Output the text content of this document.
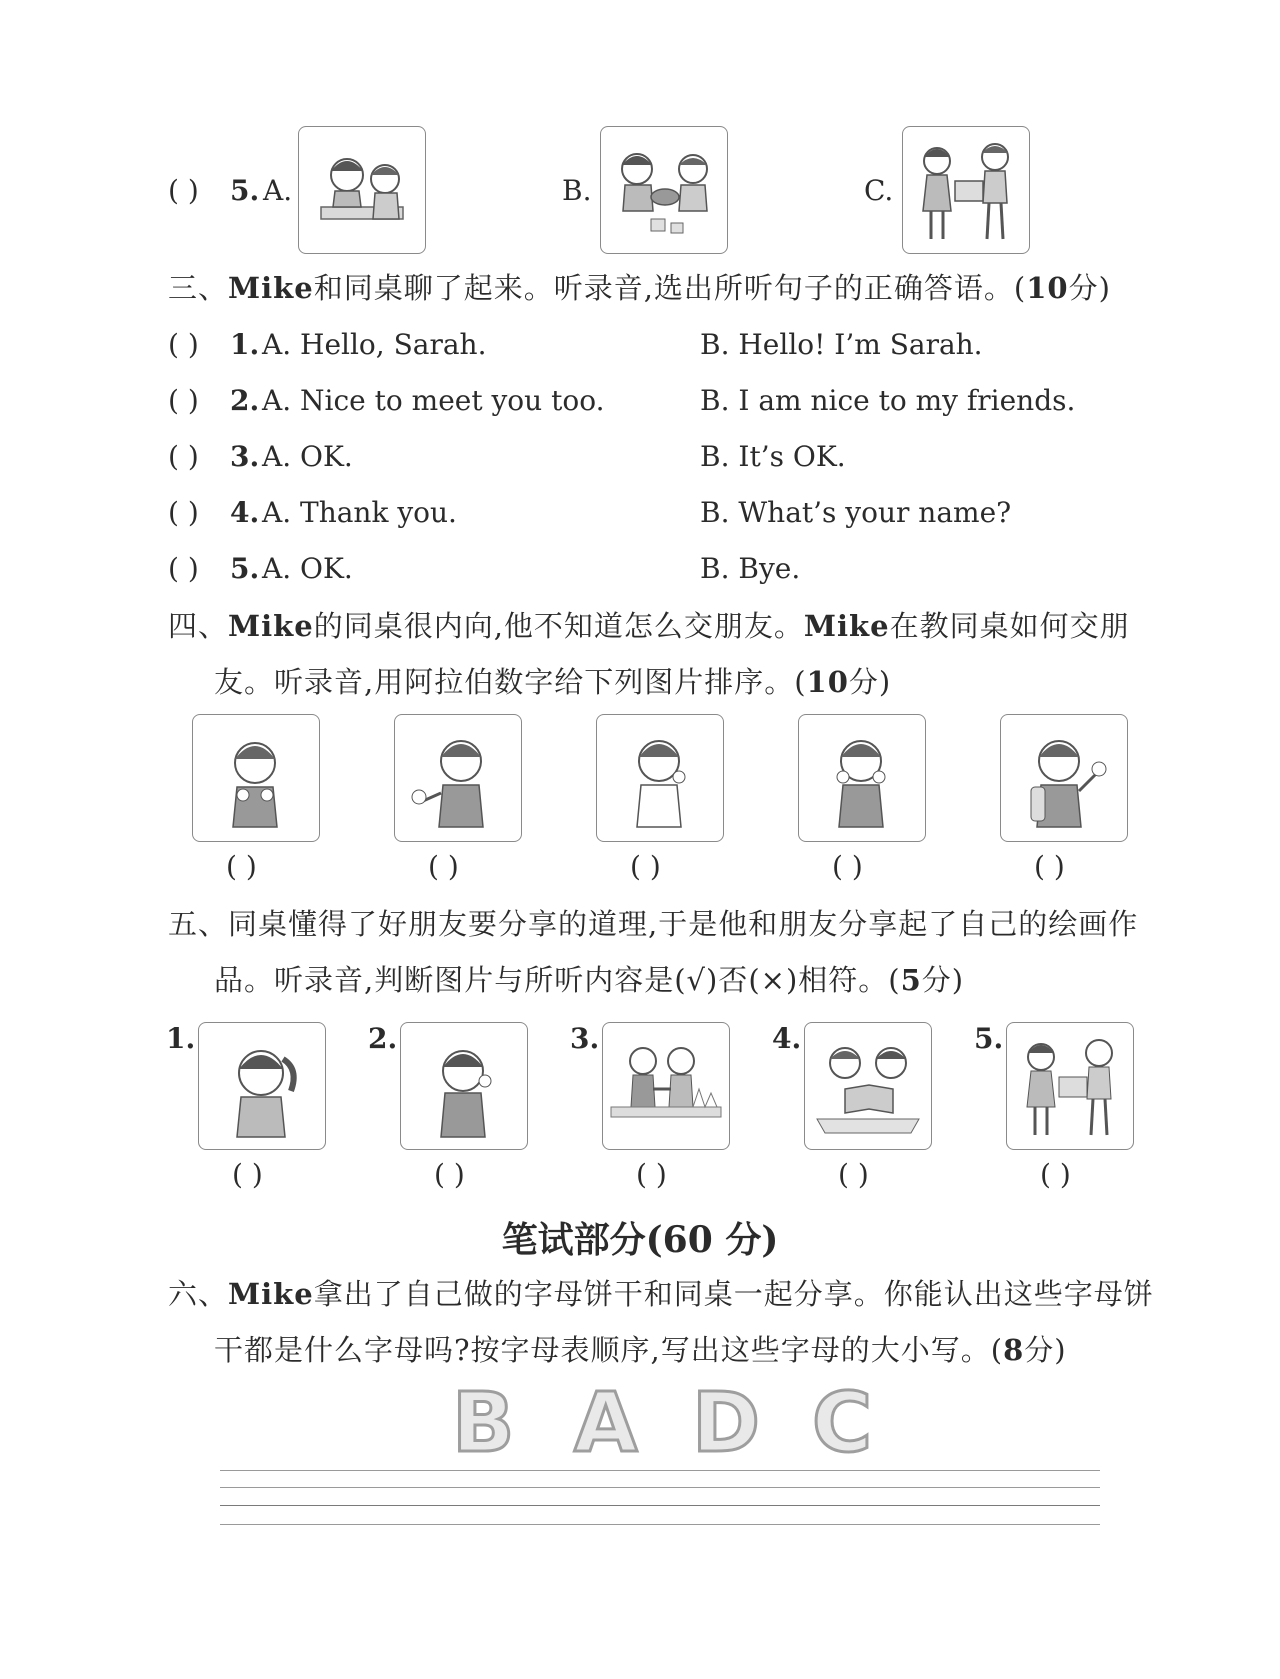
( ) 5. A.	B.	C.
三、Mike和同桌聊了起来。听录音,选出所听句子的正确答语。(10分)
( ) 1. A. Hello, Sarah.	B. Hello! I’m Sarah.
( ) 2. A. Nice to meet you too.	B. I am nice to my friends.
( ) 3. A. OK.	B. It’s OK.
( ) 4. A. Thank you.	B. What’s your name?
( ) 5. A. OK.	B. Bye.
四、Mike的同桌很内向,他不知道怎么交朋友。Mike在教同桌如何交朋
友。听录音,用阿拉伯数字给下列图片排序。(10分)
( )	( )	( )	( )	( )
五、同桌懂得了好朋友要分享的道理,于是他和朋友分享起了自己的绘画作
品。听录音,判断图片与所听内容是(√)否(×)相符。(5分)
1.	2.	3.	4.	5.
( )	( )	( )	( )	( )
笔试部分(60 分)
六、Mike拿出了自己做的字母饼干和同桌一起分享。你能认出这些字母饼
干都是什么字母吗?按字母表顺序,写出这些字母的大小写。(8分)
B A D C
